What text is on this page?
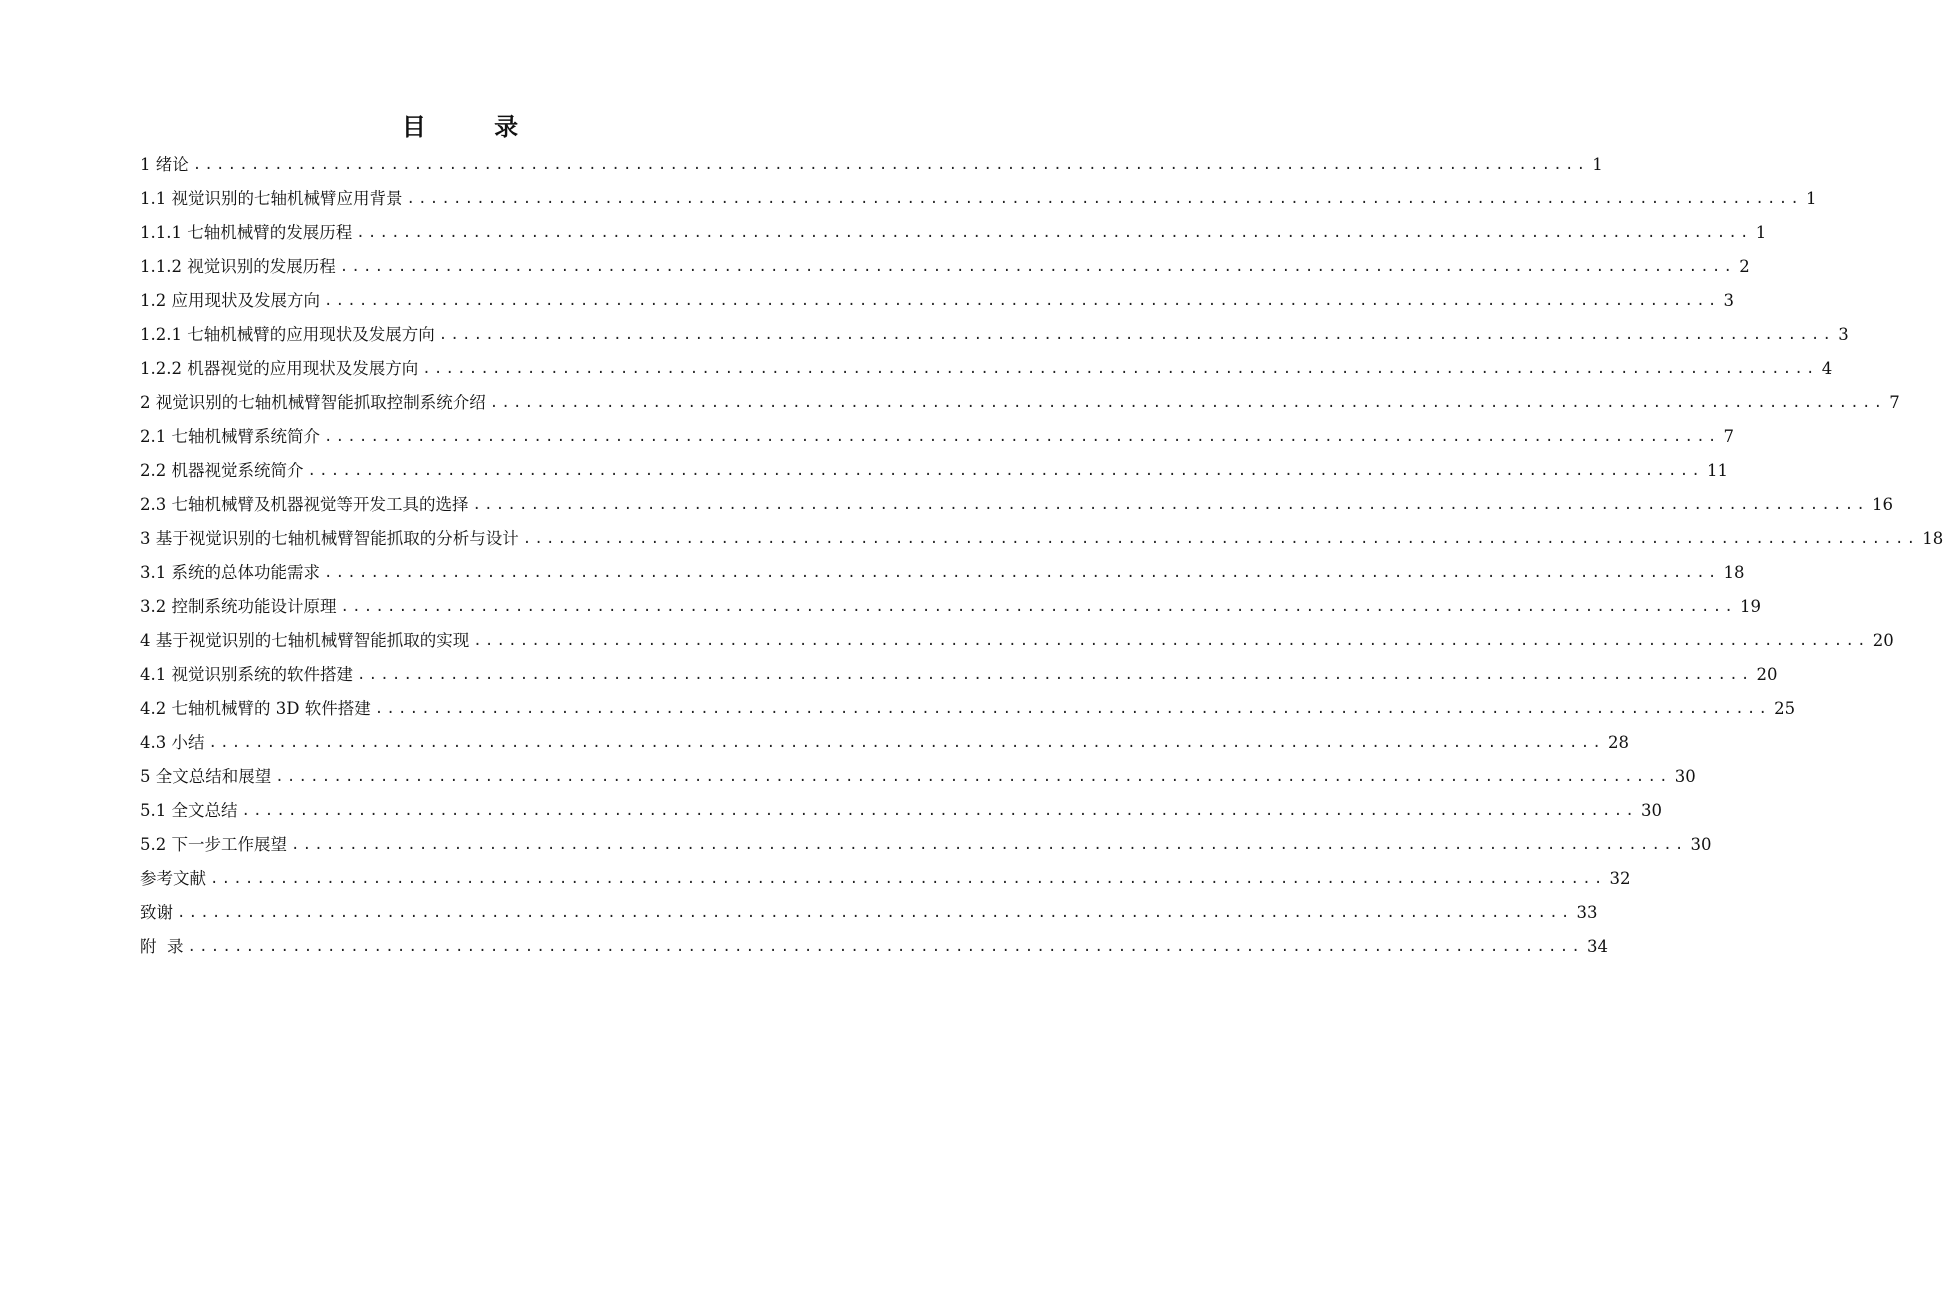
目 录
1 绪论 ........................................................................................................................ 1
1.1 视觉识别的七轴机械臂应用背景 ........................................................................................................................ 1
1.1.1 七轴机械臂的发展历程 ........................................................................................................................ 1
1.1.2 视觉识别的发展历程 ........................................................................................................................ 2
1.2 应用现状及发展方向 ........................................................................................................................ 3
1.2.1 七轴机械臂的应用现状及发展方向 ........................................................................................................................ 3
1.2.2 机器视觉的应用现状及发展方向 ........................................................................................................................ 4
2 视觉识别的七轴机械臂智能抓取控制系统介绍 ........................................................................................................................ 7
2.1 七轴机械臂系统简介 ........................................................................................................................ 7
2.2 机器视觉系统简介 ........................................................................................................................ 11
2.3 七轴机械臂及机器视觉等开发工具的选择 ........................................................................................................................ 16
3 基于视觉识别的七轴机械臂智能抓取的分析与设计 ........................................................................................................................ 18
3.1 系统的总体功能需求 ........................................................................................................................ 18
3.2 控制系统功能设计原理 ........................................................................................................................ 19
4 基于视觉识别的七轴机械臂智能抓取的实现 ........................................................................................................................ 20
4.1 视觉识别系统的软件搭建 ........................................................................................................................ 20
4.2 七轴机械臂的 3D 软件搭建 ........................................................................................................................ 25
4.3 小结 ........................................................................................................................ 28
5 全文总结和展望 ........................................................................................................................ 30
5.1 全文总结 ........................................................................................................................ 30
5.2 下一步工作展望 ........................................................................................................................ 30
参考文献 ........................................................................................................................ 32
致谢 ........................................................................................................................ 33
附  录 ........................................................................................................................ 34
